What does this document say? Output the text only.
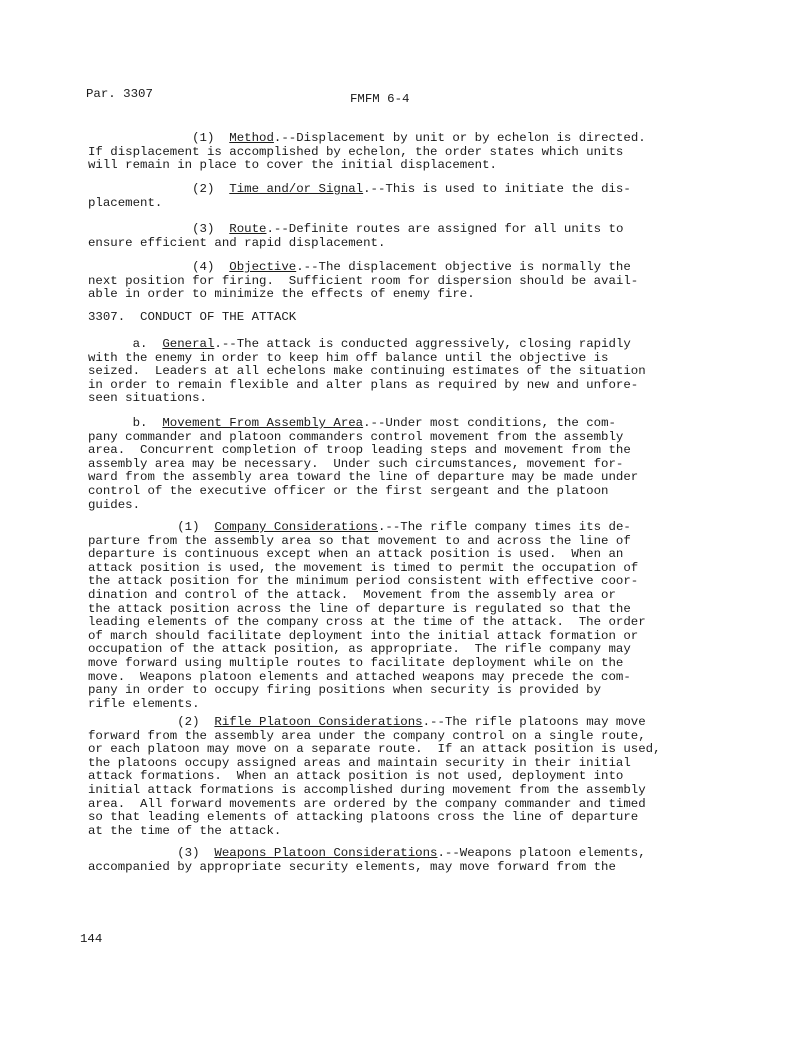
Par. 3307	FMFM 6-4
(1)  Method.--Displacement by unit or by echelon is directed.
If displacement is accomplished by echelon, the order states which units
will remain in place to cover the initial displacement.
(2)  Time and/or Signal.--This is used to initiate the dis-
placement.
(3)  Route.--Definite routes are assigned for all units to
ensure efficient and rapid displacement.
(4)  Objective.--The displacement objective is normally the
next position for firing.  Sufficient room for dispersion should be avail-
able in order to minimize the effects of enemy fire.
3307.  CONDUCT OF THE ATTACK
a.  General.--The attack is conducted aggressively, closing rapidly
with the enemy in order to keep him off balance until the objective is
seized.  Leaders at all echelons make continuing estimates of the situation
in order to remain flexible and alter plans as required by new and unfore-
seen situations.
b.  Movement From Assembly Area.--Under most conditions, the com-
pany commander and platoon commanders control movement from the assembly
area.  Concurrent completion of troop leading steps and movement from the
assembly area may be necessary.  Under such circumstances, movement for-
ward from the assembly area toward the line of departure may be made under
control of the executive officer or the first sergeant and the platoon
guides.
(1)  Company Considerations.--The rifle company times its de-
parture from the assembly area so that movement to and across the line of
departure is continuous except when an attack position is used.  When an
attack position is used, the movement is timed to permit the occupation of
the attack position for the minimum period consistent with effective coor-
dination and control of the attack.  Movement from the assembly area or
the attack position across the line of departure is regulated so that the
leading elements of the company cross at the time of the attack.  The order
of march should facilitate deployment into the initial attack formation or
occupation of the attack position, as appropriate.  The rifle company may
move forward using multiple routes to facilitate deployment while on the
move.  Weapons platoon elements and attached weapons may precede the com-
pany in order to occupy firing positions when security is provided by
rifle elements.
(2)  Rifle Platoon Considerations.--The rifle platoons may move
forward from the assembly area under the company control on a single route,
or each platoon may move on a separate route.  If an attack position is used,
the platoons occupy assigned areas and maintain security in their initial
attack formations.  When an attack position is not used, deployment into
initial attack formations is accomplished during movement from the assembly
area.  All forward movements are ordered by the company commander and timed
so that leading elements of attacking platoons cross the line of departure
at the time of the attack.
(3)  Weapons Platoon Considerations.--Weapons platoon elements,
accompanied by appropriate security elements, may move forward from the
144
